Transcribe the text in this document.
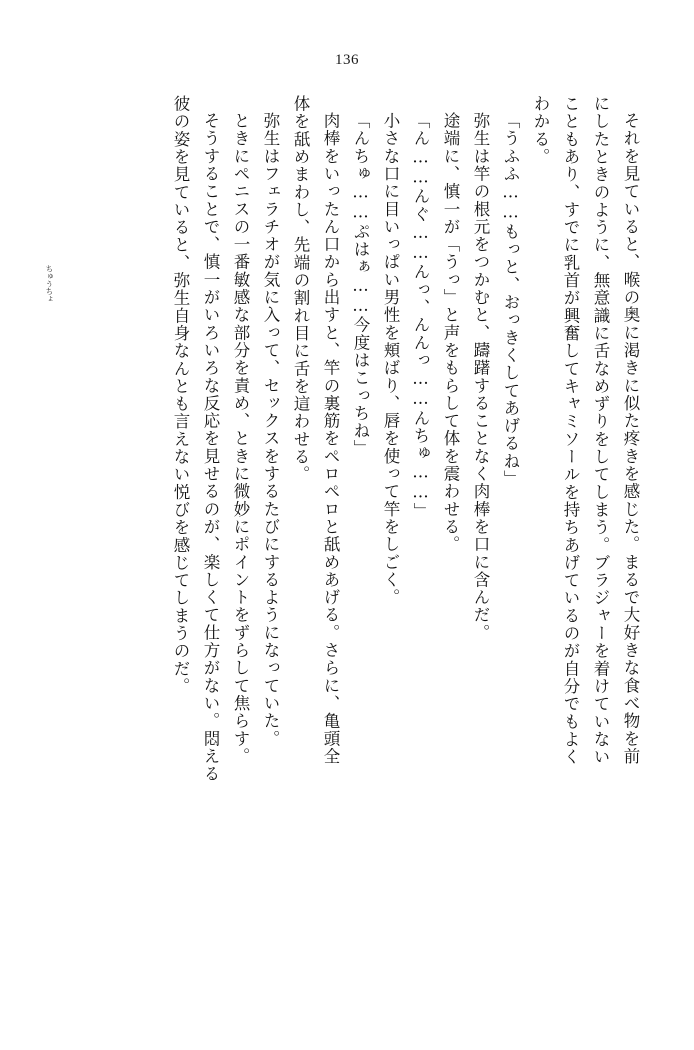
136
それを見ていると、喉の奥に渇きに似た疼きを感じた。まるで大好きな食べ物を前
にしたときのように、無意識に舌なめずりをしてしまう。ブラジャーを着けていない
こともあり、すでに乳首が興奮してキャミソールを持ちあげているのが自分でもよく
わかる。
「うふふ……もっと、おっきくしてあげるね」
弥生は竿の根元をつかむと、躊躇することなく肉棒を口に含んだ。
ちゅうちょ	途端に、慎一が「うっ」と声をもらして体を震わせる。
「ん……んぐ……んっ、んんっ……んちゅ……」
小さな口に目いっぱい男性を頬ばり、唇を使って竿をしごく。
「んちゅ……ぷはぁ……今度はこっちね」
肉棒をいったん口から出すと、竿の裏筋をペロペロと舐めあげる。さらに、亀頭全
体を舐めまわし、先端の割れ目に舌を這わせる。
弥生はフェラチオが気に入って、セックスをするたびにするようになっていた。
ときにペニスの一番敏感な部分を責め、ときに微妙にポイントをずらして焦らす。
そうすることで、慎一がいろいろな反応を見せるのが、楽しくて仕方がない。悶える
彼の姿を見ていると、弥生自身なんとも言えない悦びを感じてしまうのだ。
